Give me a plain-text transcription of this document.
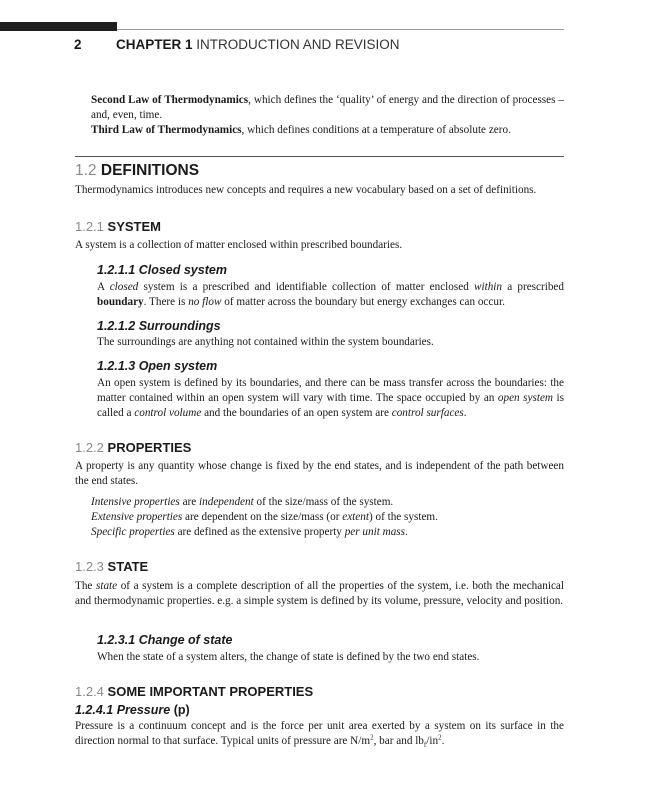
2	CHAPTER 1 INTRODUCTION AND REVISION
Second Law of Thermodynamics, which defines the ‘quality’ of energy and the direction of processes – and, even, time.
Third Law of Thermodynamics, which defines conditions at a temperature of absolute zero.
1.2 DEFINITIONS
Thermodynamics introduces new concepts and requires a new vocabulary based on a set of definitions.
1.2.1 SYSTEM
A system is a collection of matter enclosed within prescribed boundaries.
1.2.1.1 Closed system
A closed system is a prescribed and identifiable collection of matter enclosed within a prescribed boundary. There is no flow of matter across the boundary but energy exchanges can occur.
1.2.1.2 Surroundings
The surroundings are anything not contained within the system boundaries.
1.2.1.3 Open system
An open system is defined by its boundaries, and there can be mass transfer across the boundaries: the matter contained within an open system will vary with time. The space occupied by an open system is called a control volume and the boundaries of an open system are control surfaces.
1.2.2 PROPERTIES
A property is any quantity whose change is fixed by the end states, and is independent of the path between the end states.
Intensive properties are independent of the size/mass of the system.
Extensive properties are dependent on the size/mass (or extent) of the system.
Specific properties are defined as the extensive property per unit mass.
1.2.3 STATE
The state of a system is a complete description of all the properties of the system, i.e. both the mechanical and thermodynamic properties. e.g. a simple system is defined by its volume, pressure, velocity and position.
1.2.3.1 Change of state
When the state of a system alters, the change of state is defined by the two end states.
1.2.4 SOME IMPORTANT PROPERTIES
1.2.4.1 Pressure (p)
Pressure is a continuum concept and is the force per unit area exerted by a system on its surface in the direction normal to that surface. Typical units of pressure are $N/m^2$, bar and $lb_f/in^2$.
